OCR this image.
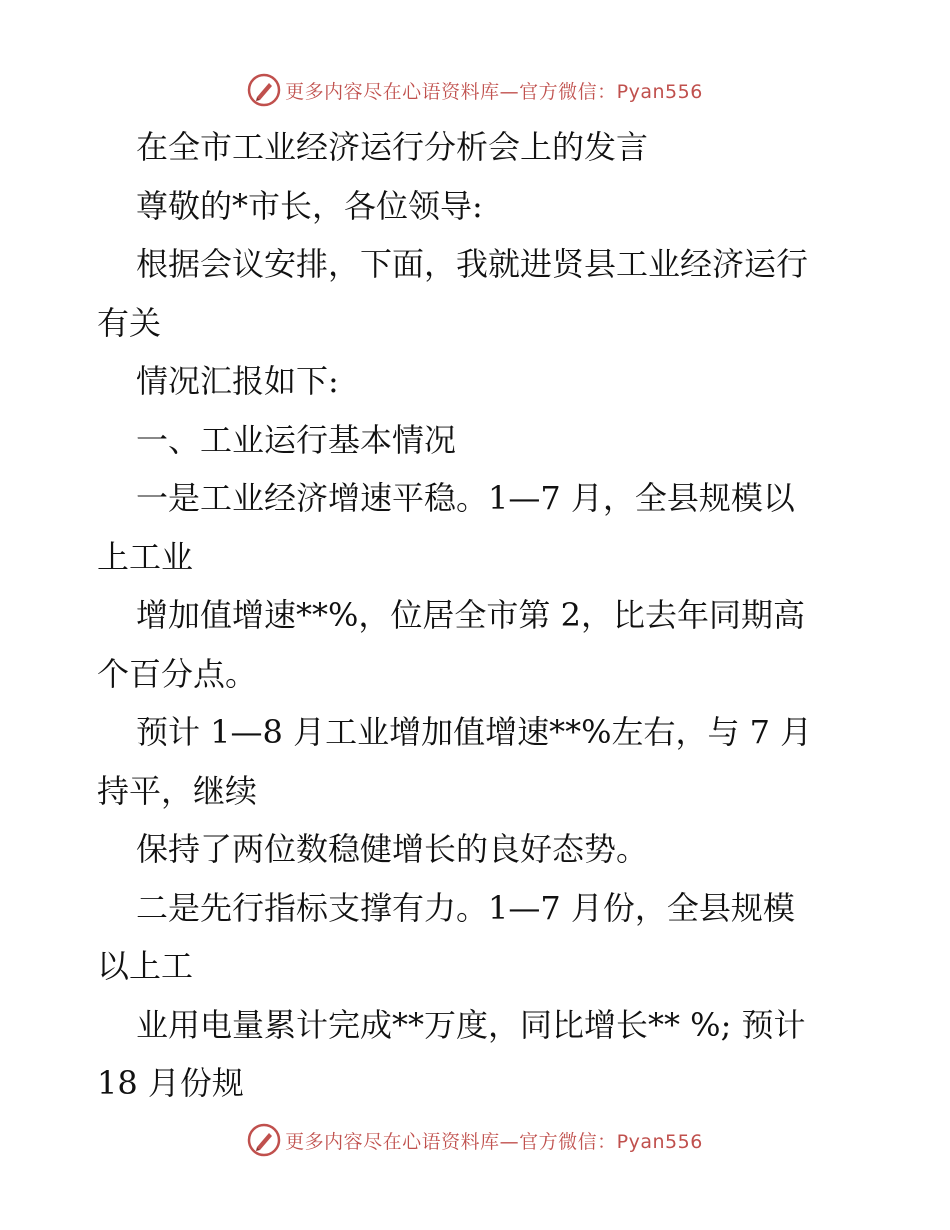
更多内容尽在心语资料库—官方微信：Pyan556
在全市工业经济运行分析会上的发言
尊敬的*市长，各位领导:
根据会议安排，下面，我就进贤县工业经济运行
有关
情况汇报如下:
一、工业运行基本情况
一是工业经济增速平稳。1—7 月，全县规模以
上工业
增加值增速**%，位居全市第 2，比去年同期高
个百分点。
预计 1—8 月工业增加值增速**%左右，与 7 月
持平，继续
保持了两位数稳健增长的良好态势。
二是先行指标支撑有力。1—7 月份，全县规模
以上工
业用电量累计完成**万度，同比增长** %; 预计
18 月份规
更多内容尽在心语资料库—官方微信：Pyan556
